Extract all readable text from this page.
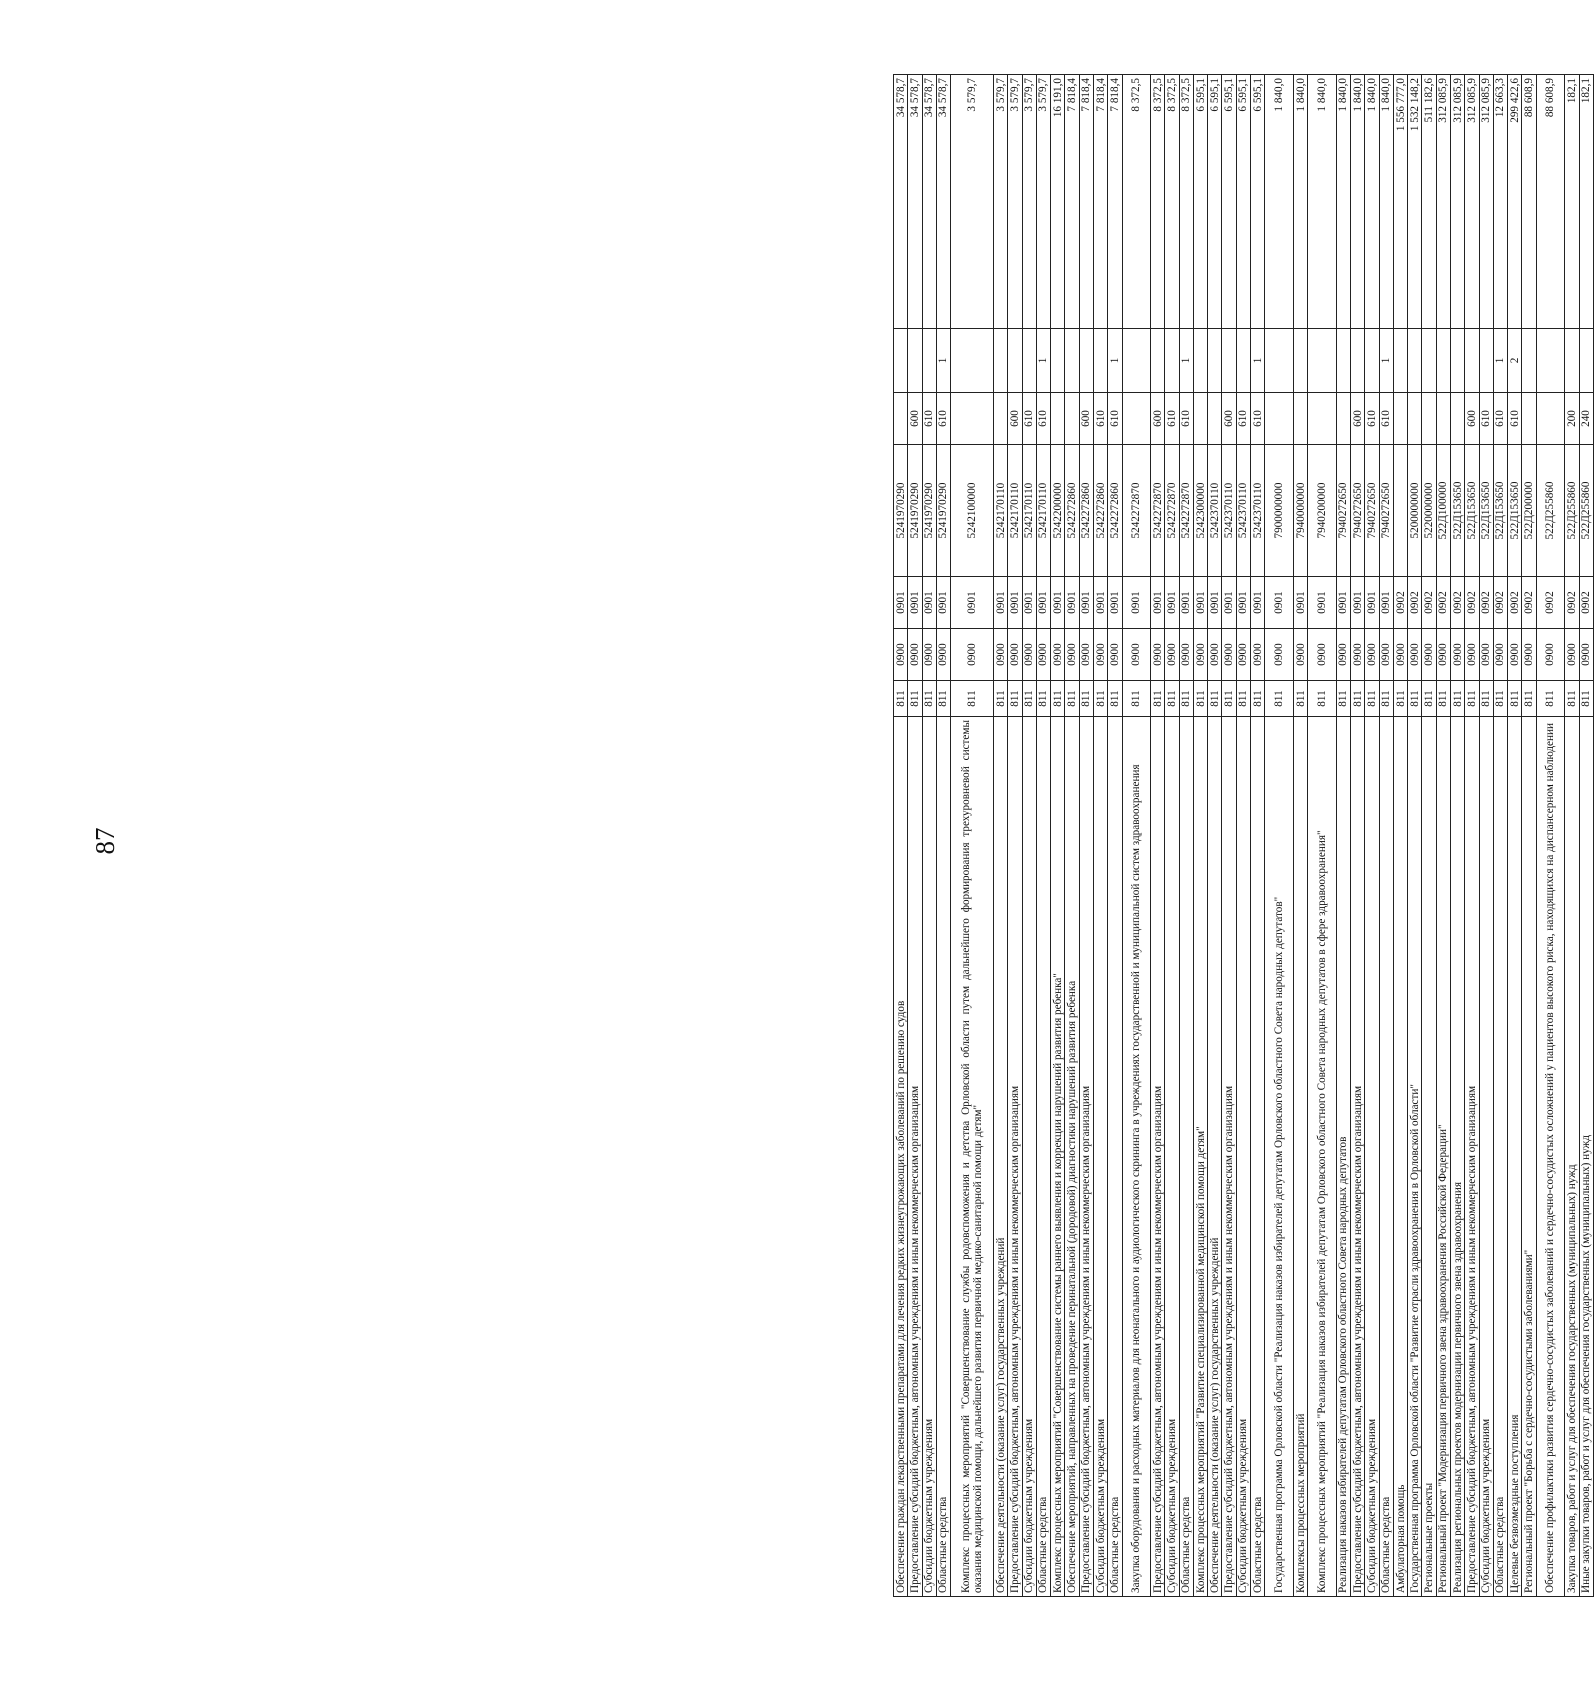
87
Обеспечение граждан лекарственными препаратами для лечения редких жизнеугрожающих заболеваний по решению судов	811	0900	0901	5241970290			34 578,7
Предоставление субсидий бюджетным, автономным учреждениям и иным некоммерческим организациям	811	0900	0901	5241970290	600		34 578,7
Субсидии бюджетным учреждениям	811	0900	0901	5241970290	610		34 578,7
Областные средства	811	0900	0901	5241970290	610	1	34 578,7
Комплекс процессных мероприятий "Совершенствование службы родовспоможения и детства Орловской области путем дальнейшего формирования трехуровневой системы оказания медицинской помощи, дальнейшего развития первичной медико-санитарной помощи детям"	811	0900	0901	5242100000			3 579,7
Обеспечение деятельности (оказание услуг) государственных учреждений	811	0900	0901	5242170110			3 579,7
Предоставление субсидий бюджетным, автономным учреждениям и иным некоммерческим организациям	811	0900	0901	5242170110	600		3 579,7
Субсидии бюджетным учреждениям	811	0900	0901	5242170110	610		3 579,7
Областные средства	811	0900	0901	5242170110	610	1	3 579,7
Комплекс процессных мероприятий "Совершенствование системы раннего выявления и коррекции нарушений развития ребенка"	811	0900	0901	5242200000			16 191,0
Обеспечение мероприятий, направленных на проведение перинатальной (дородовой) диагностики нарушений развития ребенка	811	0900	0901	5242272860			7 818,4
Предоставление субсидий бюджетным, автономным учреждениям и иным некоммерческим организациям	811	0900	0901	5242272860	600		7 818,4
Субсидии бюджетным учреждениям	811	0900	0901	5242272860	610		7 818,4
Областные средства	811	0900	0901	5242272860	610	1	7 818,4
Закупка оборудования и расходных материалов для неонатального и аудиологического скрининга в учреждениях государственной и муниципальной систем здравоохранения	811	0900	0901	5242272870			8 372,5
Предоставление субсидий бюджетным, автономным учреждениям и иным некоммерческим организациям	811	0900	0901	5242272870	600		8 372,5
Субсидии бюджетным учреждениям	811	0900	0901	5242272870	610		8 372,5
Областные средства	811	0900	0901	5242272870	610	1	8 372,5
Комплекс процессных мероприятий "Развитие специализированной медицинской помощи детям"	811	0900	0901	5242300000			6 595,1
Обеспечение деятельности (оказание услуг) государственных учреждений	811	0900	0901	5242370110			6 595,1
Предоставление субсидий бюджетным, автономным учреждениям и иным некоммерческим организациям	811	0900	0901	5242370110	600		6 595,1
Субсидии бюджетным учреждениям	811	0900	0901	5242370110	610		6 595,1
Областные средства	811	0900	0901	5242370110	610	1	6 595,1
Государственная программа Орловской области "Реализация наказов избирателей депутатам Орловского областного Совета народных депутатов"	811	0900	0901	7900000000			1 840,0
Комплексы процессных мероприятий	811	0900	0901	7940000000			1 840,0
Комплекс процессных мероприятий "Реализация наказов избирателей депутатам Орловского областного Совета народных депутатов в сфере здравоохранения"	811	0900	0901	7940200000			1 840,0
Реализация наказов избирателей депутатам Орловского областного Совета народных депутатов	811	0900	0901	7940272650			1 840,0
Предоставление субсидий бюджетным, автономным учреждениям и иным некоммерческим организациям	811	0900	0901	7940272650	600		1 840,0
Субсидии бюджетным учреждениям	811	0900	0901	7940272650	610		1 840,0
Областные средства	811	0900	0901	7940272650	610	1	1 840,0
Амбулаторная помощь	811	0900	0902				1 556 777,0
Государственная программа Орловской области "Развитие отрасли здравоохранения в Орловской области"	811	0900	0902	5200000000			1 532 148,2
Региональные проекты	811	0900	0902	5220000000			511 182,6
Региональный проект "Модернизация первичного звена здравоохранения Российской Федерации"	811	0900	0902	522Д100000			312 085,9
Реализация региональных проектов модернизации первичного звена здравоохранения	811	0900	0902	522Д153650			312 085,9
Предоставление субсидий бюджетным, автономным учреждениям и иным некоммерческим организациям	811	0900	0902	522Д153650	600		312 085,9
Субсидии бюджетным учреждениям	811	0900	0902	522Д153650	610		312 085,9
Областные средства	811	0900	0902	522Д153650	610	1	12 663,3
Целевые безвозмездные поступления	811	0900	0902	522Д153650	610	2	299 422,6
Региональный проект "Борьба с сердечно-сосудистыми заболеваниями"	811	0900	0902	522Д200000			88 608,9
Обеспечение профилактики развития сердечно-сосудистых заболеваний и сердечно-сосудистых осложнений у пациентов высокого риска, находящихся на диспансерном наблюдении	811	0900	0902	522Д255860			88 608,9
Закупка товаров, работ и услуг для обеспечения государственных (муниципальных) нужд	811	0900	0902	522Д255860	200		182,1
Иные закупки товаров, работ и услуг для обеспечения государственных (муниципальных) нужд	811	0900	0902	522Д255860	240		182,1
